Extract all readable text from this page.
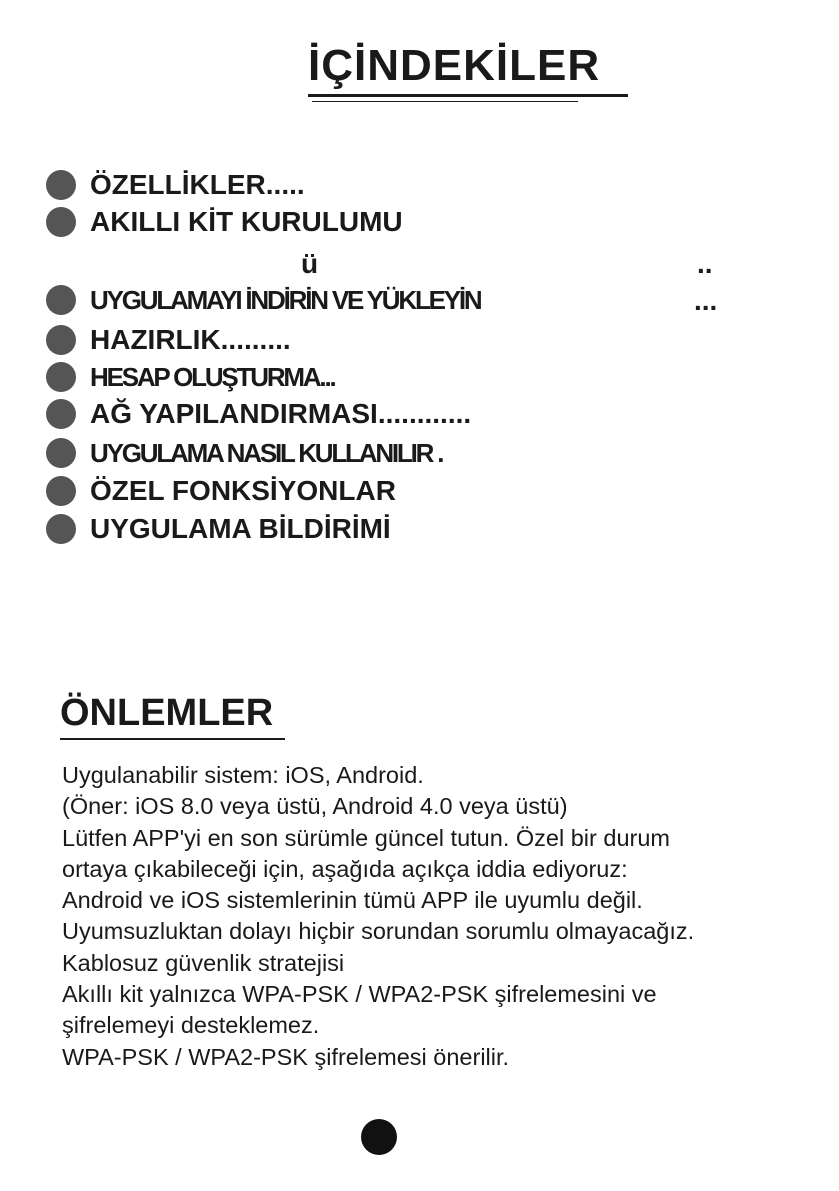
İÇİNDEKİLER
ÖZELLİKLER.....
AKILLI KİT KURULUMU
ü	..
UYGULAMAYI İNDİRİN VE YÜKLEYİN	...
HAZIRLIK.........
HESAP OLUŞTURMA...
AĞ YAPILANDIRMASI............
UYGULAMA NASIL KULLANILIR .
ÖZEL FONKSİYONLAR
UYGULAMA BİLDİRİMİ
ÖNLEMLER
Uygulanabilir sistem: iOS, Android.
(Öner: iOS 8.0 veya üstü, Android 4.0 veya üstü)
Lütfen APP'yi en son sürümle güncel tutun. Özel bir durum
ortaya çıkabileceği için, aşağıda açıkça iddia ediyoruz:
Android ve iOS sistemlerinin tümü APP ile uyumlu değil.
Uyumsuzluktan dolayı hiçbir sorundan sorumlu olmayacağız.
Kablosuz güvenlik stratejisi
Akıllı kit yalnızca WPA-PSK / WPA2-PSK şifrelemesini ve
şifrelemeyi desteklemez.
WPA-PSK / WPA2-PSK şifrelemesi önerilir.
